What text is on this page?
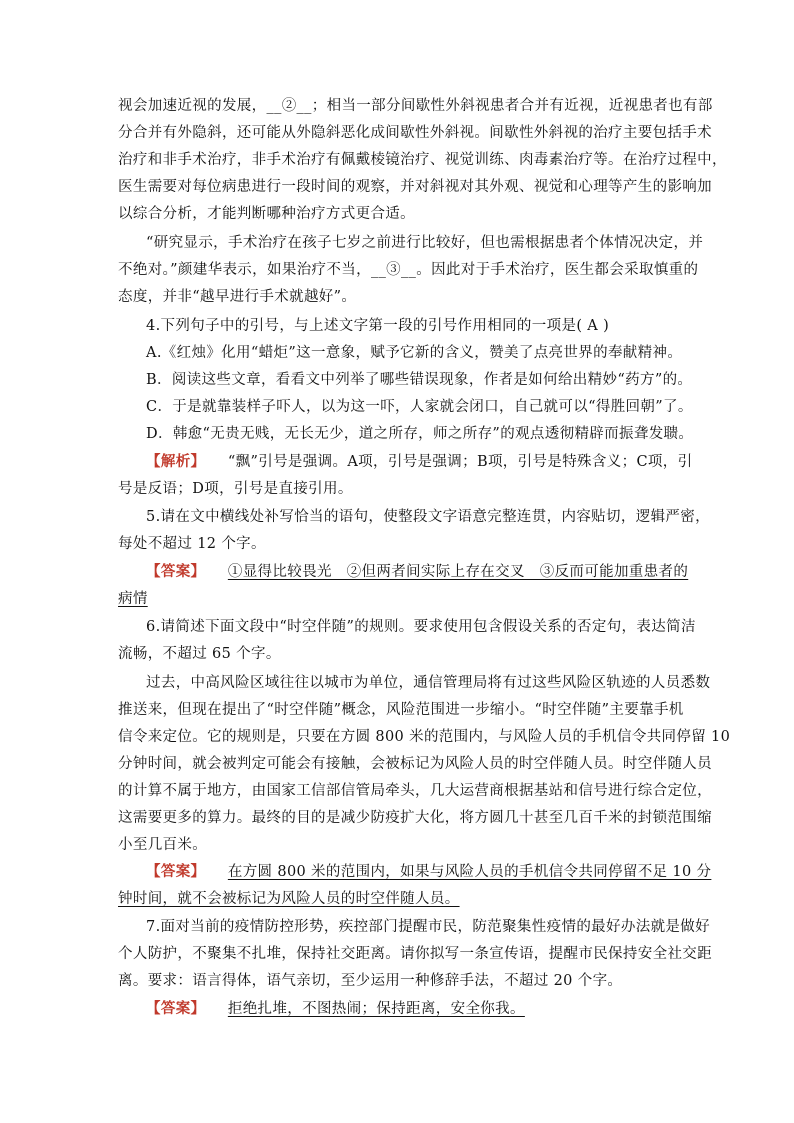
视会加速近视的发展，__②__；相当一部分间歇性外斜视患者合并有近视，近视患者也有部
分合并有外隐斜，还可能从外隐斜恶化成间歇性外斜视。间歇性外斜视的治疗主要包括手术
治疗和非手术治疗，非手术治疗有佩戴棱镜治疗、视觉训练、肉毒素治疗等。在治疗过程中，
医生需要对每位病患进行一段时间的观察，并对斜视对其外观、视觉和心理等产生的影响加
以综合分析，才能判断哪种治疗方式更合适。
“研究显示，手术治疗在孩子七岁之前进行比较好，但也需根据患者个体情况决定，并
不绝对。”颜建华表示，如果治疗不当，__③__。因此对于手术治疗，医生都会采取慎重的
态度，并非“越早进行手术就越好”。
4.下列句子中的引号，与上述文字第一段的引号作用相同的一项是( A )
A.《红烛》化用“蜡炬”这一意象，赋予它新的含义，赞美了点亮世界的奉献精神。
B．阅读这些文章，看看文中列举了哪些错误现象，作者是如何给出精妙“药方”的。
C．于是就靠装样子吓人，以为这一吓，人家就会闭口，自己就可以“得胜回朝”了。
D．韩愈“无贵无贱，无长无少，道之所存，师之所存”的观点透彻精辟而振聋发聩。
【解析】　　 “飘”引号是强调。A项，引号是强调；B项，引号是特殊含义；C项，引
号是反语；D项，引号是直接引用。
5.请在文中横线处补写恰当的语句，使整段文字语意完整连贯，内容贴切，逻辑严密，
每处不超过 12 个字。
【答案】　　 ①显得比较畏光　②但两者间实际上存在交叉　③反而可能加重患者的
病情
6.请简述下面文段中“时空伴随”的规则。要求使用包含假设关系的否定句，表达简洁
流畅，不超过 65 个字。
过去，中高风险区域往往以城市为单位，通信管理局将有过这些风险区轨迹的人员悉数
推送来，但现在提出了“时空伴随”概念，风险范围进一步缩小。“时空伴随”主要靠手机
信令来定位。它的规则是，只要在方圆 800 米的范围内，与风险人员的手机信令共同停留 10
分钟时间，就会被判定可能会有接触，会被标记为风险人员的时空伴随人员。时空伴随人员
的计算不属于地方，由国家工信部信管局牵头，几大运营商根据基站和信号进行综合定位，
这需要更多的算力。最终的目的是减少防疫扩大化，将方圆几十甚至几百千米的封锁范围缩
小至几百米。
【答案】　　 在方圆 800 米的范围内，如果与风险人员的手机信令共同停留不足 10 分
钟时间，就不会被标记为风险人员的时空伴随人员。
7.面对当前的疫情防控形势，疾控部门提醒市民，防范聚集性疫情的最好办法就是做好
个人防护，不聚集不扎堆，保持社交距离。请你拟写一条宣传语，提醒市民保持安全社交距
离。要求：语言得体，语气亲切，至少运用一种修辞手法，不超过 20 个字。
【答案】　　 拒绝扎堆，不图热闹；保持距离，安全你我。
